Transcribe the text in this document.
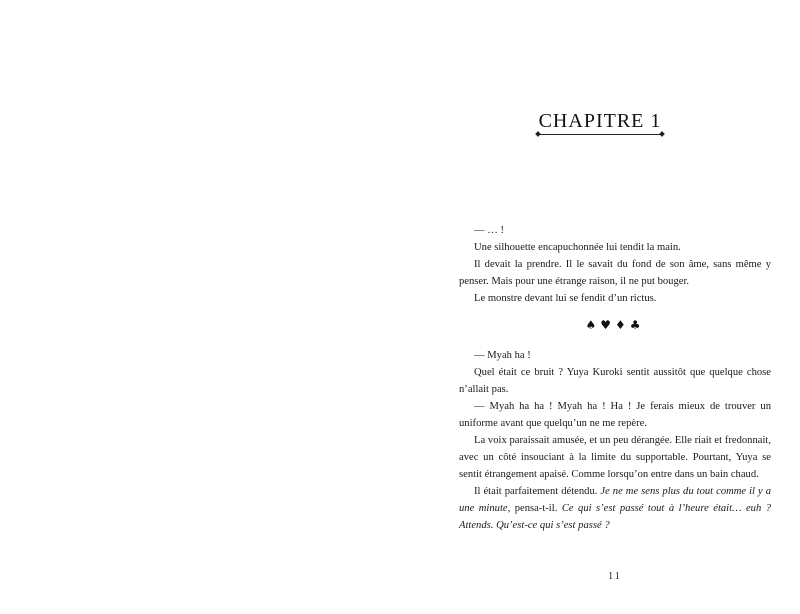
CHAPITRE 1

— … !

Une silhouette encapuchonnée lui tendit la main.

Il devait la prendre. Il le savait du fond de son âme, sans même y penser. Mais pour une étrange raison, il ne put bouger.

Le monstre devant lui se fendit d’un rictus.

♠♥♦♣

— Myah ha !

Quel était ce bruit ? Yuya Kuroki sentit aussitôt que quelque chose n’allait pas.

— Myah ha ha ! Myah ha ! Ha ! Je ferais mieux de trouver un uniforme avant que quelqu’un ne me repère.

La voix paraissait amusée, et un peu dérangée. Elle riait et fredonnait, avec un côté insouciant à la limite du supportable. Pourtant, Yuya se sentit étrangement apaisé. Comme lorsqu’on entre dans un bain chaud.

Il était parfaitement détendu. Je ne me sens plus du tout comme il y a une minute, pensa-t-il. Ce qui s’est passé tout à l’heure était… euh ? Attends. Qu’est-ce qui s’est passé ?

11
